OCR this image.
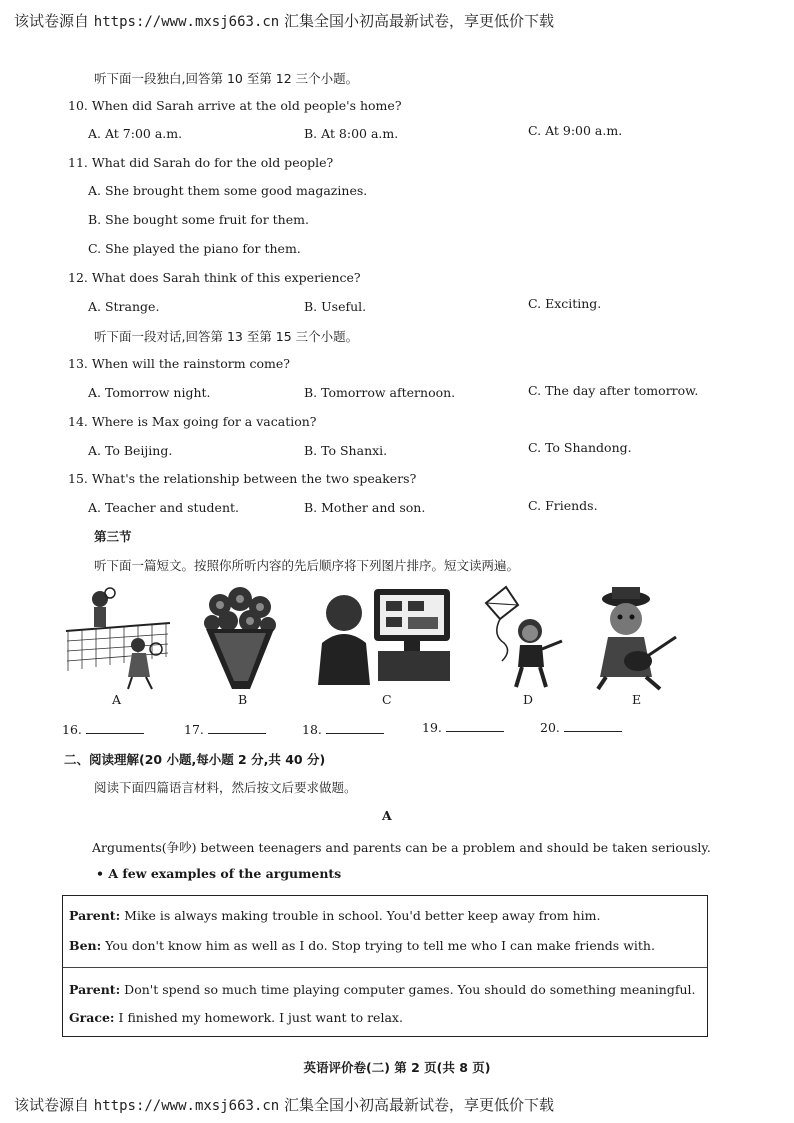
该试卷源自 https://www.mxsj663.cn 汇集全国小初高最新试卷，享更低价下载
听下面一段独白,回答第 10 至第 12 三个小题。
10. When did Sarah arrive at the old people's home?
A. At 7:00 a.m.	B. At 8:00 a.m.	C. At 9:00 a.m.
11. What did Sarah do for the old people?
A. She brought them some good magazines.
B. She bought some fruit for them.
C. She played the piano for them.
12. What does Sarah think of this experience?
A. Strange.	B. Useful.	C. Exciting.
听下面一段对话,回答第 13 至第 15 三个小题。
13. When will the rainstorm come?
A. Tomorrow night.	B. Tomorrow afternoon.	C. The day after tomorrow.
14. Where is Max going for a vacation?
A. To Beijing.	B. To Shanxi.	C. To Shandong.
15. What's the relationship between the two speakers?
A. Teacher and student.	B. Mother and son.	C. Friends.
第三节
听下面一篇短文。按照你所听内容的先后顺序将下列图片排序。短文读两遍。
A	B	C	D	E
16.	17.	18.	19.	20.
二、阅读理解(20 小题,每小题 2 分,共 40 分)
阅读下面四篇语言材料，然后按文后要求做题。
A
Arguments(争吵) between teenagers and parents can be a problem and should be taken seriously.
• A few examples of the arguments
Parent: Mike is always making trouble in school. You'd better keep away from him.
Ben: You don't know him as well as I do. Stop trying to tell me who I can make friends with.
Parent: Don't spend so much time playing computer games. You should do something meaningful.
Grace: I finished my homework. I just want to relax.
英语评价卷(二) 第 2 页(共 8 页)
该试卷源自 https://www.mxsj663.cn 汇集全国小初高最新试卷，享更低价下载
